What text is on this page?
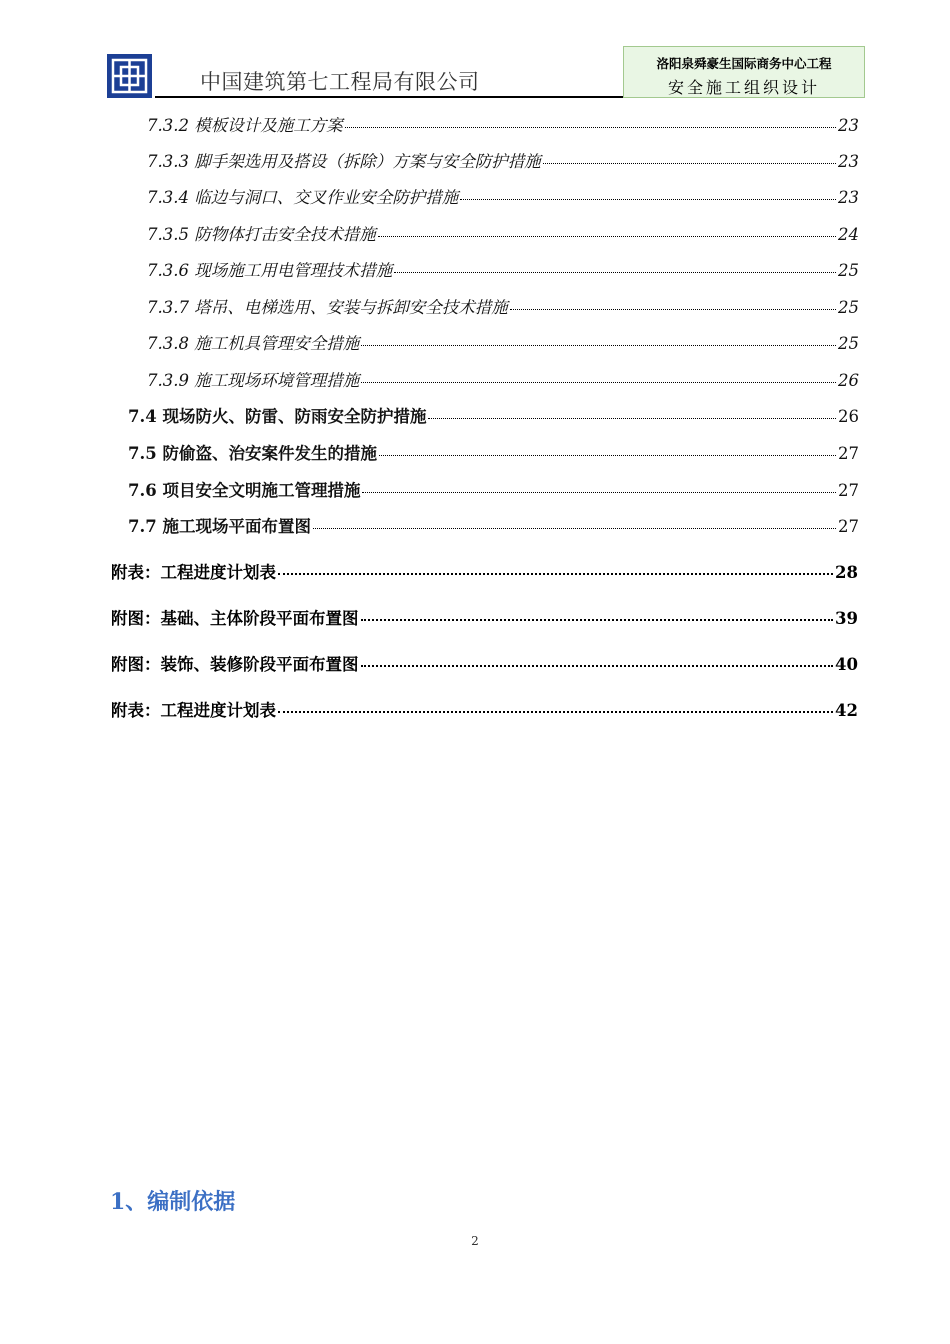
中国建筑第七工程局有限公司
洛阳泉舜豪生国际商务中心工程
安全施工组织设计
7.3.2 模板设计及施工方案	23
7.3.3 脚手架选用及搭设（拆除）方案与安全防护措施	23
7.3.4 临边与洞口、交叉作业安全防护措施	23
7.3.5 防物体打击安全技术措施	24
7.3.6 现场施工用电管理技术措施	25
7.3.7 塔吊、电梯选用、安装与拆卸安全技术措施	25
7.3.8 施工机具管理安全措施	25
7.3.9 施工现场环境管理措施	26
7.4 现场防火、防雷、防雨安全防护措施	26
7.5 防偷盗、治安案件发生的措施	27
7.6 项目安全文明施工管理措施	27
7.7 施工现场平面布置图	27
附表：工程进度计划表	28
附图：基础、主体阶段平面布置图	39
附图：装饰、装修阶段平面布置图	40
附表：工程进度计划表	42
1、编制依据
2
